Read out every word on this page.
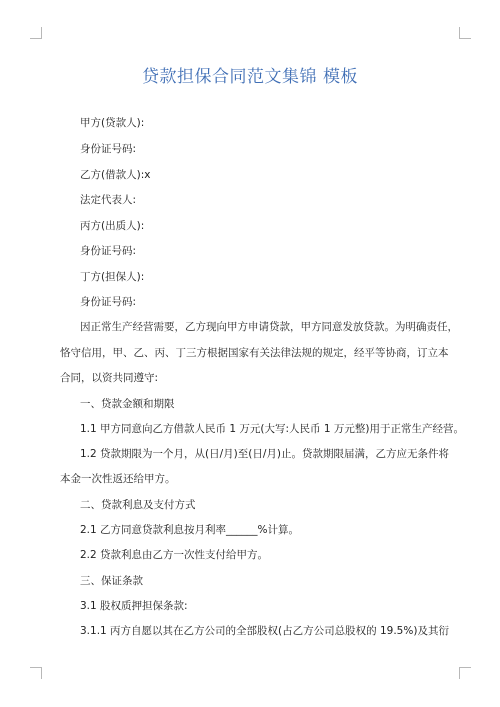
贷款担保合同范文集锦 模板
甲方(贷款人):
身份证号码:
乙方(借款人):x
法定代表人:
丙方(出质人):
身份证号码:
丁方(担保人):
身份证号码:
因正常生产经营需要，乙方现向甲方申请贷款，甲方同意发放贷款。为明确责任，
恪守信用，甲、乙、丙、丁三方根据国家有关法律法规的规定，经平等协商，订立本
合同，以资共同遵守:
一、贷款金额和期限
1.1 甲方同意向乙方借款人民币 1 万元(大写:人民币 1 万元整)用于正常生产经营。
1.2 贷款期限为一个月，从(日/月)至(日/月)止。贷款期限届满，乙方应无条件将
本金一次性返还给甲方。
二、贷款利息及支付方式
2.1 乙方同意贷款利息按月利率______%计算。
2.2 贷款利息由乙方一次性支付给甲方。
三、保证条款
3.1 股权质押担保条款:
3.1.1 丙方自愿以其在乙方公司的全部股权(占乙方公司总股权的 19.5%)及其衍
